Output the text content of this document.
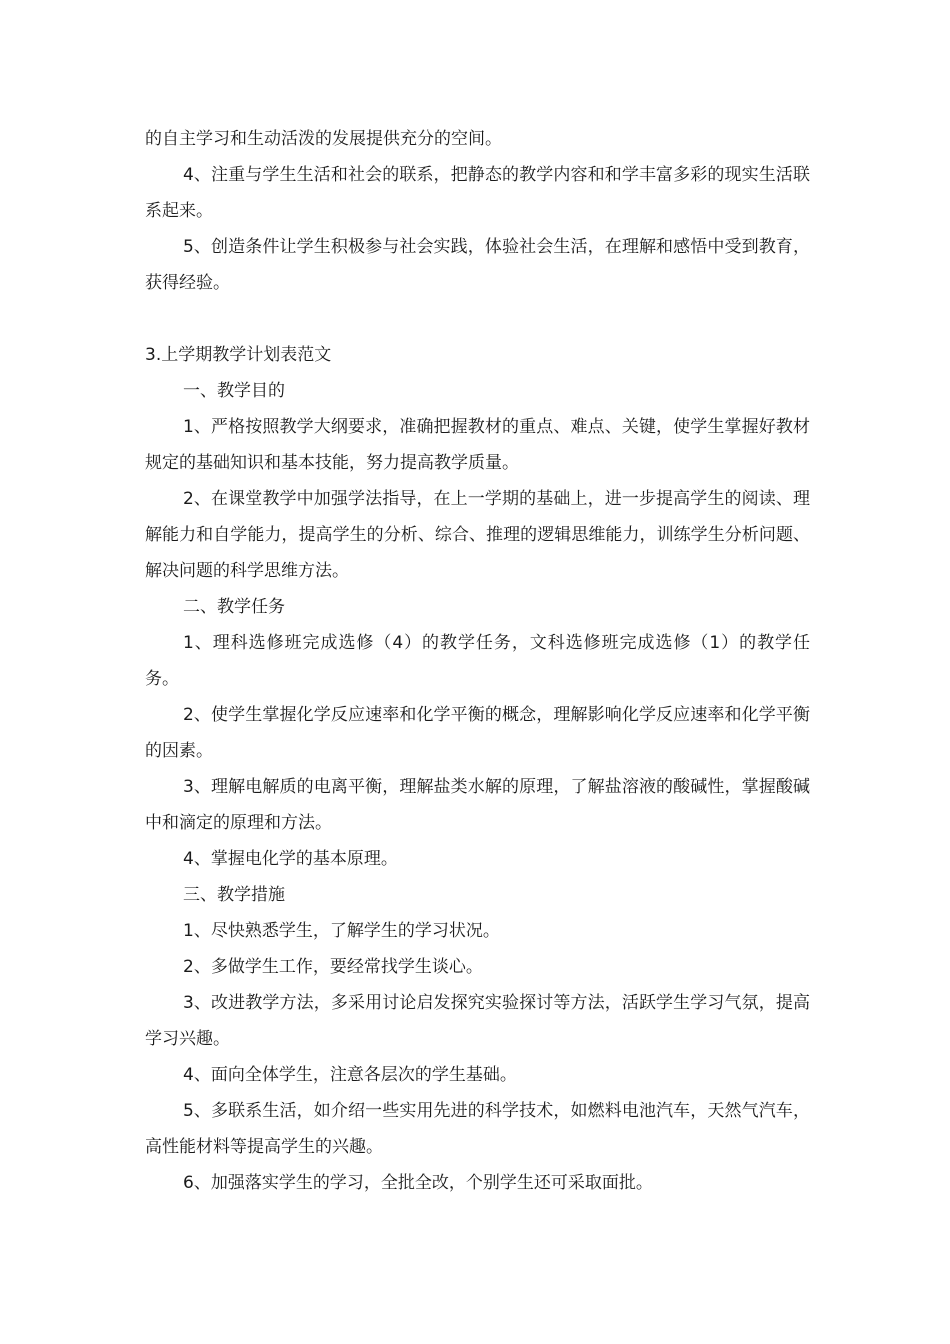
的自主学习和生动活泼的发展提供充分的空间。

4、注重与学生生活和社会的联系，把静态的教学内容和和学丰富多彩的现实生活联系起来。

5、创造条件让学生积极参与社会实践，体验社会生活，在理解和感悟中受到教育，获得经验。

3.上学期教学计划表范文

一、教学目的

1、严格按照教学大纲要求，准确把握教材的重点、难点、关键，使学生掌握好教材规定的基础知识和基本技能，努力提高教学质量。

2、在课堂教学中加强学法指导，在上一学期的基础上，进一步提高学生的阅读、理解能力和自学能力，提高学生的分析、综合、推理的逻辑思维能力，训练学生分析问题、解决问题的科学思维方法。

二、教学任务

1、理科选修班完成选修（4）的教学任务，文科选修班完成选修（1）的教学任务。

2、使学生掌握化学反应速率和化学平衡的概念，理解影响化学反应速率和化学平衡的因素。

3、理解电解质的电离平衡，理解盐类水解的原理，了解盐溶液的酸碱性，掌握酸碱中和滴定的原理和方法。

4、掌握电化学的基本原理。

三、教学措施

1、尽快熟悉学生，了解学生的学习状况。

2、多做学生工作，要经常找学生谈心。

3、改进教学方法，多采用讨论启发探究实验探讨等方法，活跃学生学习气氛，提高学习兴趣。

4、面向全体学生，注意各层次的学生基础。

5、多联系生活，如介绍一些实用先进的科学技术，如燃料电池汽车，天然气汽车，高性能材料等提高学生的兴趣。

6、加强落实学生的学习，全批全改，个别学生还可采取面批。
